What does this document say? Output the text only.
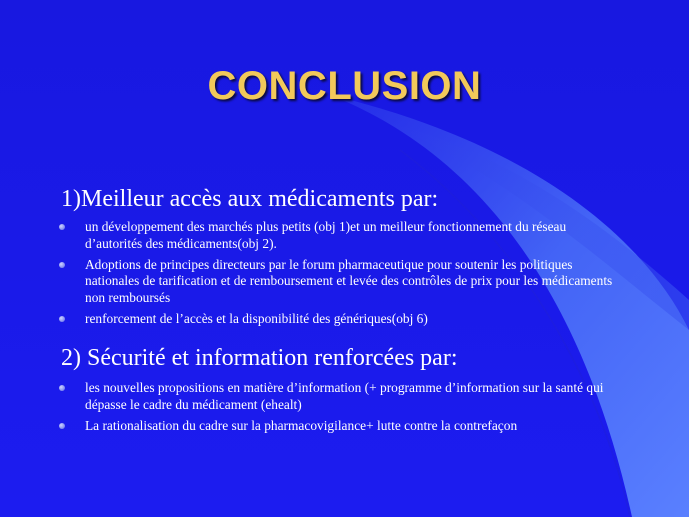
CONCLUSION
1)Meilleur accès aux médicaments par:
un développement des marchés plus petits (obj 1)et un meilleur fonctionnement du réseau d’autorités des médicaments(obj 2).
Adoptions de principes directeurs par le forum pharmaceutique pour soutenir les politiques nationales de tarification et de remboursement et levée des contrôles de prix pour les médicaments non remboursés
renforcement de l’accès et la disponibilité des génériques(obj 6)
2) Sécurité et information renforcées par:
les nouvelles propositions en matière d’information (+ programme d’information sur la santé qui dépasse le cadre du médicament (ehealt)
La rationalisation du cadre sur la pharmacovigilance+ lutte contre la contrefaçon
